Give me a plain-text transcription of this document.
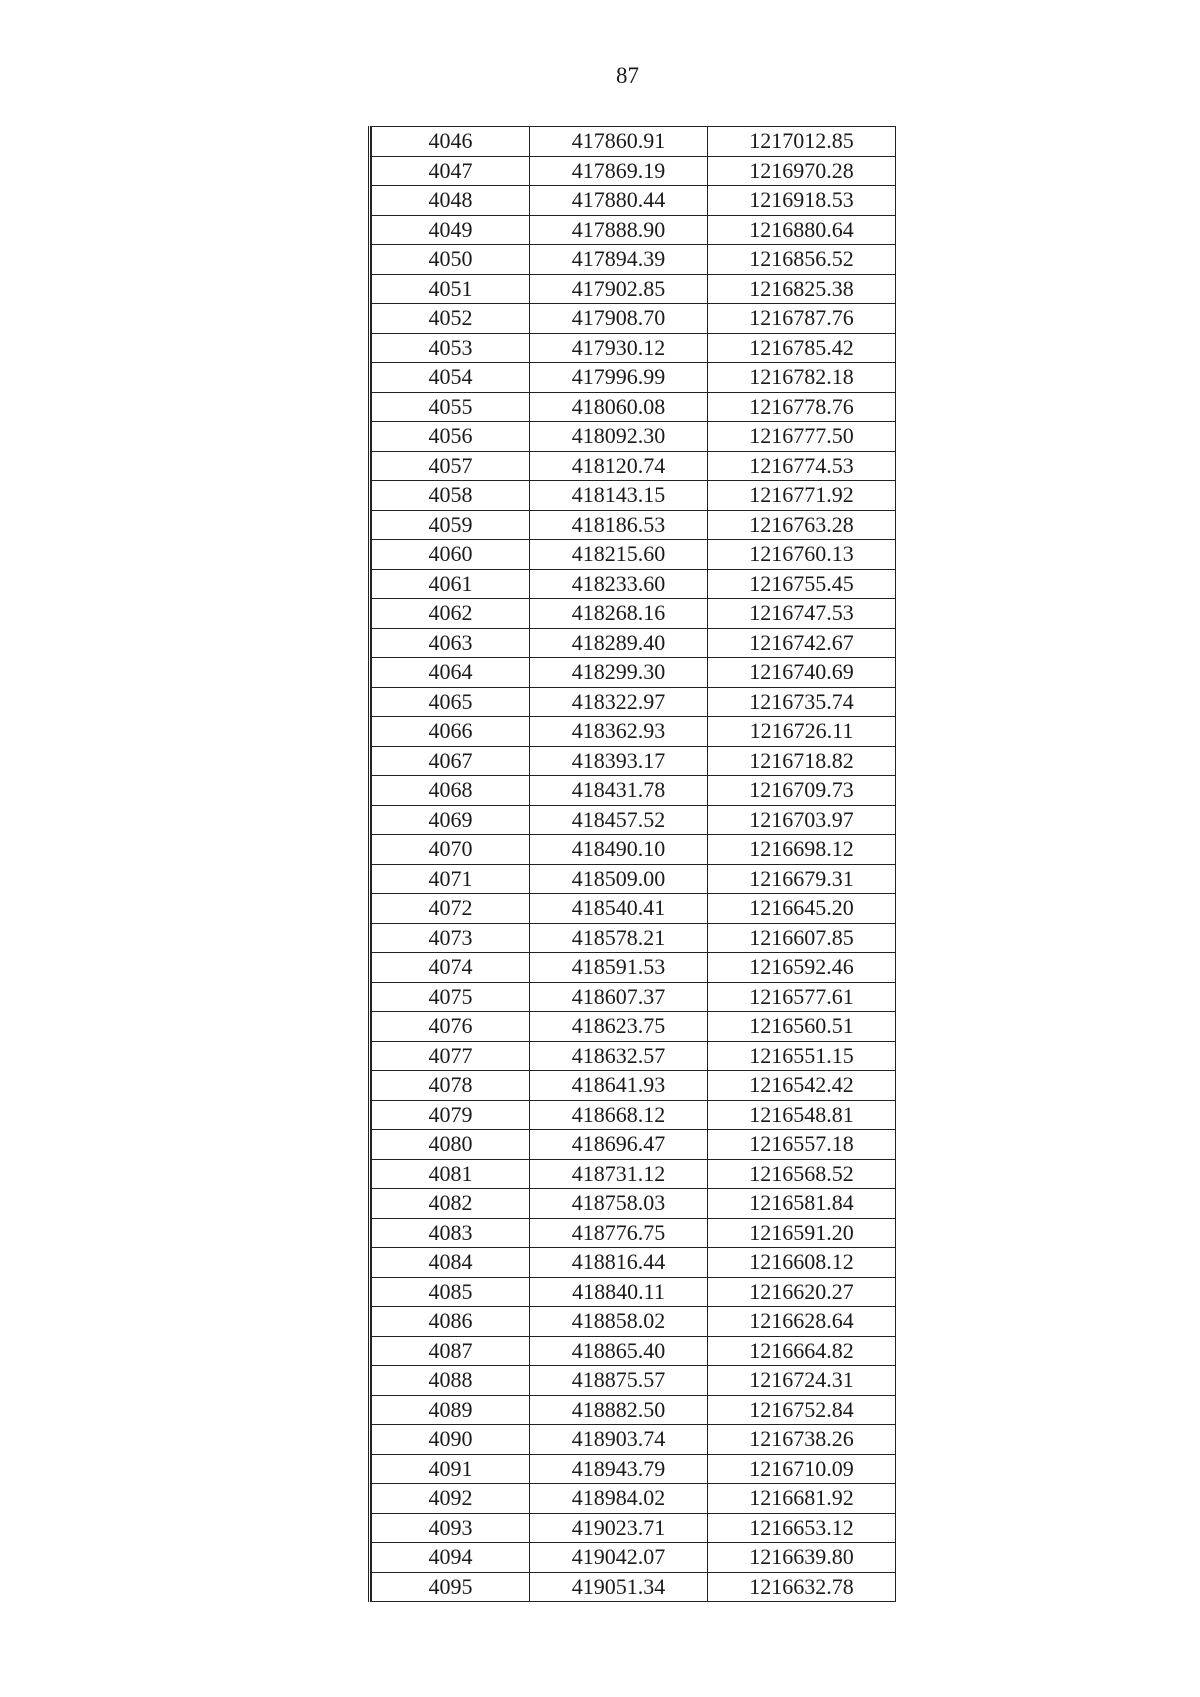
87
4046	417860.91	1217012.85
4047	417869.19	1216970.28
4048	417880.44	1216918.53
4049	417888.90	1216880.64
4050	417894.39	1216856.52
4051	417902.85	1216825.38
4052	417908.70	1216787.76
4053	417930.12	1216785.42
4054	417996.99	1216782.18
4055	418060.08	1216778.76
4056	418092.30	1216777.50
4057	418120.74	1216774.53
4058	418143.15	1216771.92
4059	418186.53	1216763.28
4060	418215.60	1216760.13
4061	418233.60	1216755.45
4062	418268.16	1216747.53
4063	418289.40	1216742.67
4064	418299.30	1216740.69
4065	418322.97	1216735.74
4066	418362.93	1216726.11
4067	418393.17	1216718.82
4068	418431.78	1216709.73
4069	418457.52	1216703.97
4070	418490.10	1216698.12
4071	418509.00	1216679.31
4072	418540.41	1216645.20
4073	418578.21	1216607.85
4074	418591.53	1216592.46
4075	418607.37	1216577.61
4076	418623.75	1216560.51
4077	418632.57	1216551.15
4078	418641.93	1216542.42
4079	418668.12	1216548.81
4080	418696.47	1216557.18
4081	418731.12	1216568.52
4082	418758.03	1216581.84
4083	418776.75	1216591.20
4084	418816.44	1216608.12
4085	418840.11	1216620.27
4086	418858.02	1216628.64
4087	418865.40	1216664.82
4088	418875.57	1216724.31
4089	418882.50	1216752.84
4090	418903.74	1216738.26
4091	418943.79	1216710.09
4092	418984.02	1216681.92
4093	419023.71	1216653.12
4094	419042.07	1216639.80
4095	419051.34	1216632.78
